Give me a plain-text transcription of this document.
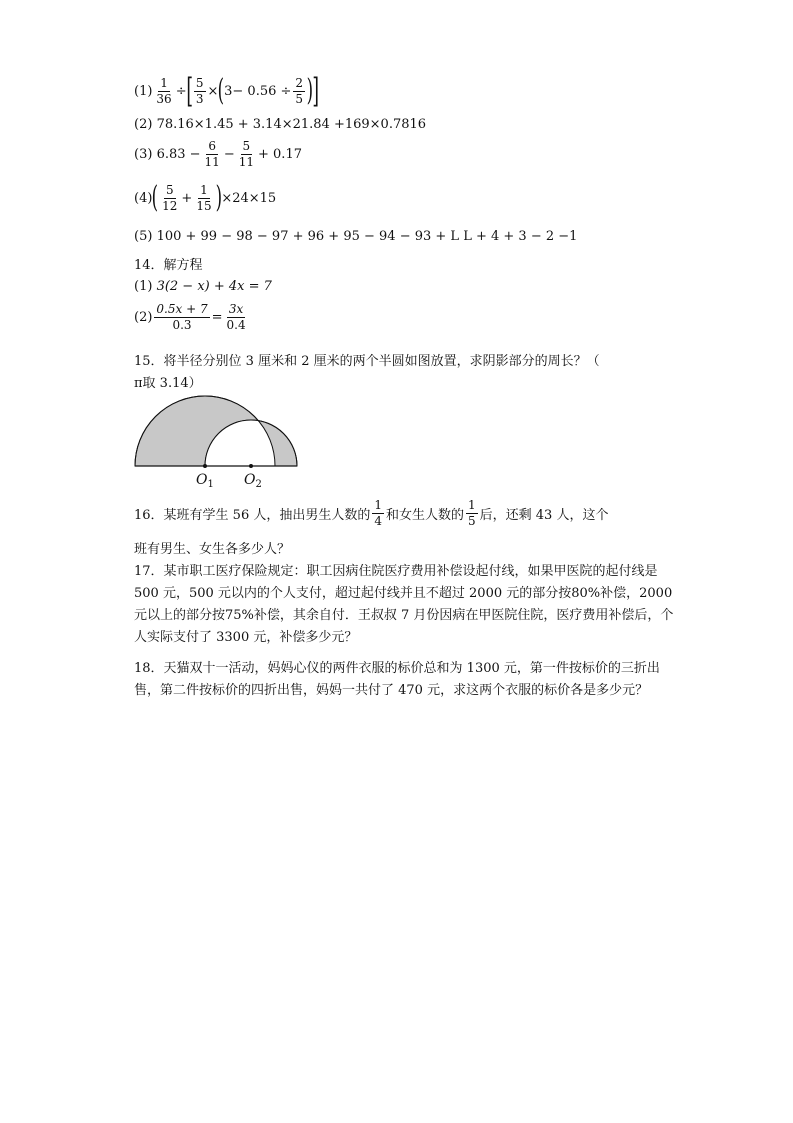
$(1) \frac{1}{36}$ ÷ [ $\frac{5}{3}$ × ( $3- 0.56 \div \frac{2}{5}$ )
]
(2) 78.16×1.45 + 3.14×21.84 +169×0.7816
(3)
$6.83 - \frac{6}{11} - \frac{5}{11} + 0.17$
(4) ( $\frac{5}{12} + \frac{1}{15}$ ) ×24×15
(5) 100 + 99 − 98 − 97 + 96 + 95 − 94 − 93 + L L + 4 + 3 − 2 −1
14．解方程
(1) 3(2 − x) + 4x = 7
$(2) \frac{0.5x + 7}{0.3} = \frac{3x}{0.4}$
15．将半径分别位 3 厘米和 2 厘米的两个半圆如图放置，求阴影部分的周长？（
π取 3.14）
$O_1$ $O_2$
16．某班有学生 56 人，抽出男生人数的 $\frac{1}{4}$ 和女生人数的 $\frac{1}{5}$ 后，还剩 43 人，这个
班有男生、女生各多少人？
17．某市职工医疗保险规定：职工因病住院医疗费用补偿设起付线，如果甲医院的起付线是 500 元，500 元以内的个人支付，超过起付线并且不超过 2000 元的部分按80%补偿，2000 元以上的部分按75%补偿，其余自付．王叔叔 7 月份因病在甲医院住院，医疗费用补偿后，个人实际支付了 3300 元，补偿多少元？
18．天猫双十一活动，妈妈心仪的两件衣服的标价总和为 1300 元，第一件按标价的三折出售，第二件按标价的四折出售，妈妈一共付了 470 元，求这两个衣服的标价各是多少元？
